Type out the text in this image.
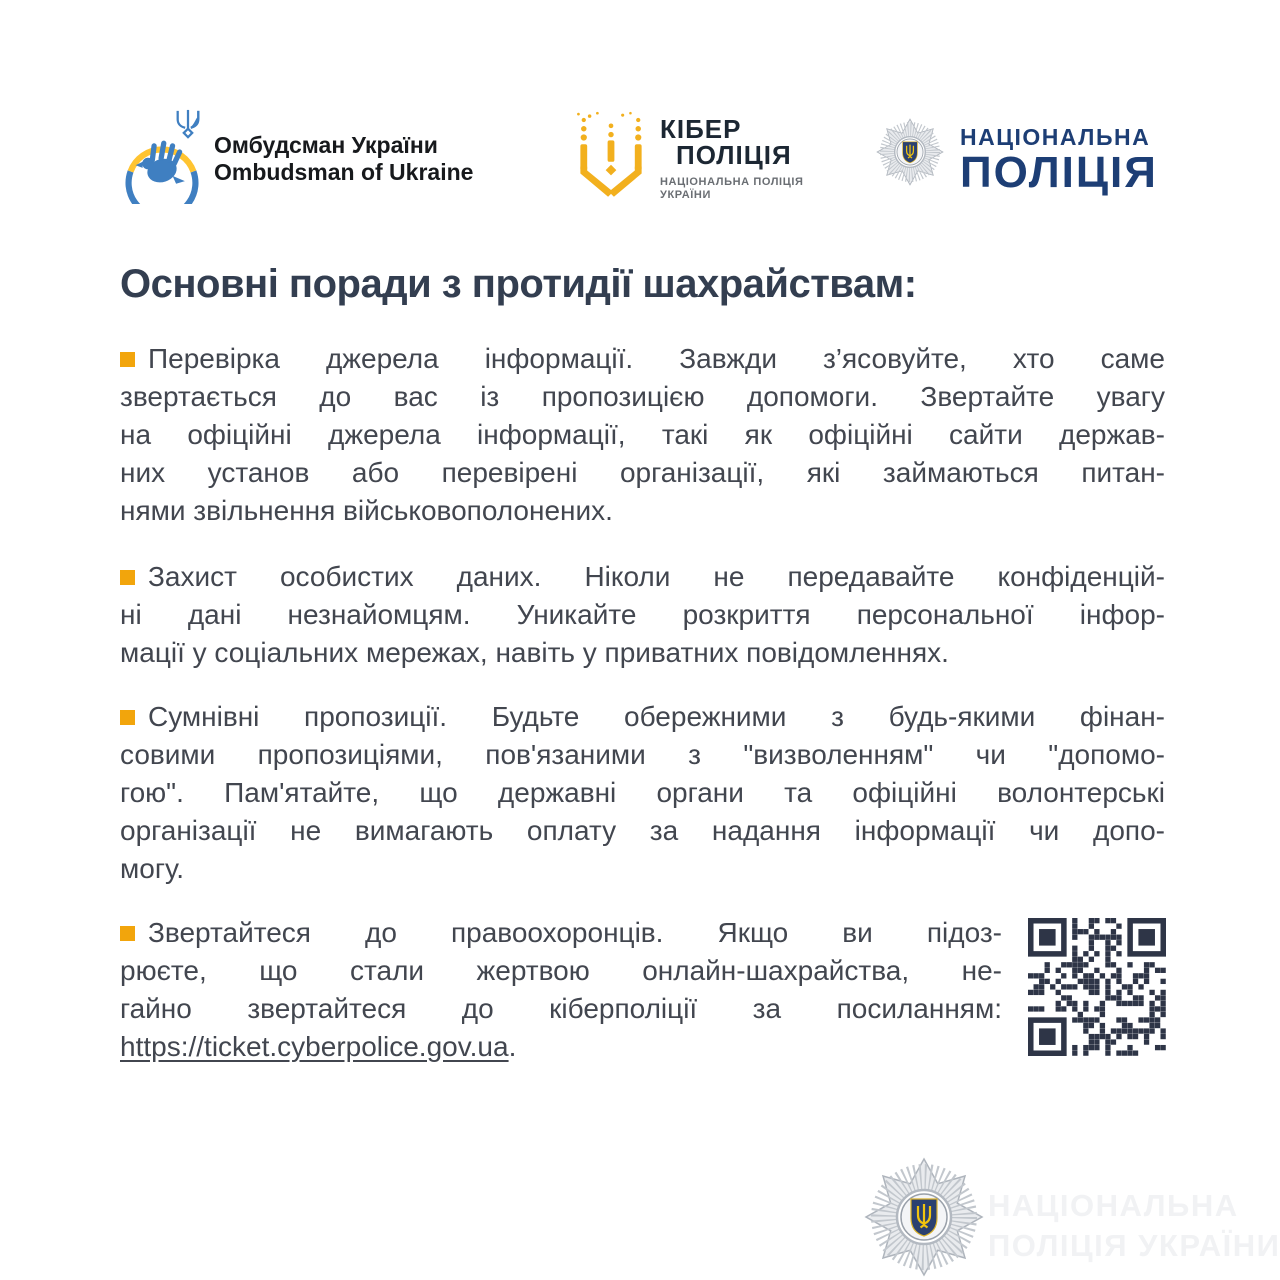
Омбудсман України
Ombudsman of Ukraine
КІБЕР
ПОЛІЦІЯ
НАЦІОНАЛЬНА ПОЛІЦІЯ
УКРАЇНИ
НАЦІОНАЛЬНА
ПОЛІЦІЯ
Основні поради з протидії шахрайствам:
Перевірка джерела інформації. Завжди з’ясовуйте, хто саме
звертається до вас із пропозицією допомоги. Звертайте увагу
на офіційні джерела інформації, такі як офіційні сайти держав-
них установ або перевірені організації, які займаються питан-
нями звільнення військовополонених.
Захист особистих даних. Ніколи не передавайте конфіденцій-
ні дані незнайомцям. Уникайте розкриття персональної інфор-
мації у соціальних мережах, навіть у приватних повідомленнях.
Сумнівні пропозиції. Будьте обережними з будь-якими фінан-
совими пропозиціями, пов'язаними з "визволенням" чи "допомо-
гою". Пам'ятайте, що державні органи та офіційні волонтерські
організації не вимагають оплату за надання інформації чи допо-
могу.
Звертайтеся до правоохоронців. Якщо ви підоз-
рюєте, що стали жертвою онлайн-шахрайства, не-
гайно звертайтеся до кіберполіції за посиланням:
https://ticket.cyberpolice.gov.ua.
НАЦІОНАЛЬНА
ПОЛІЦІЯ УКРАЇНИ
